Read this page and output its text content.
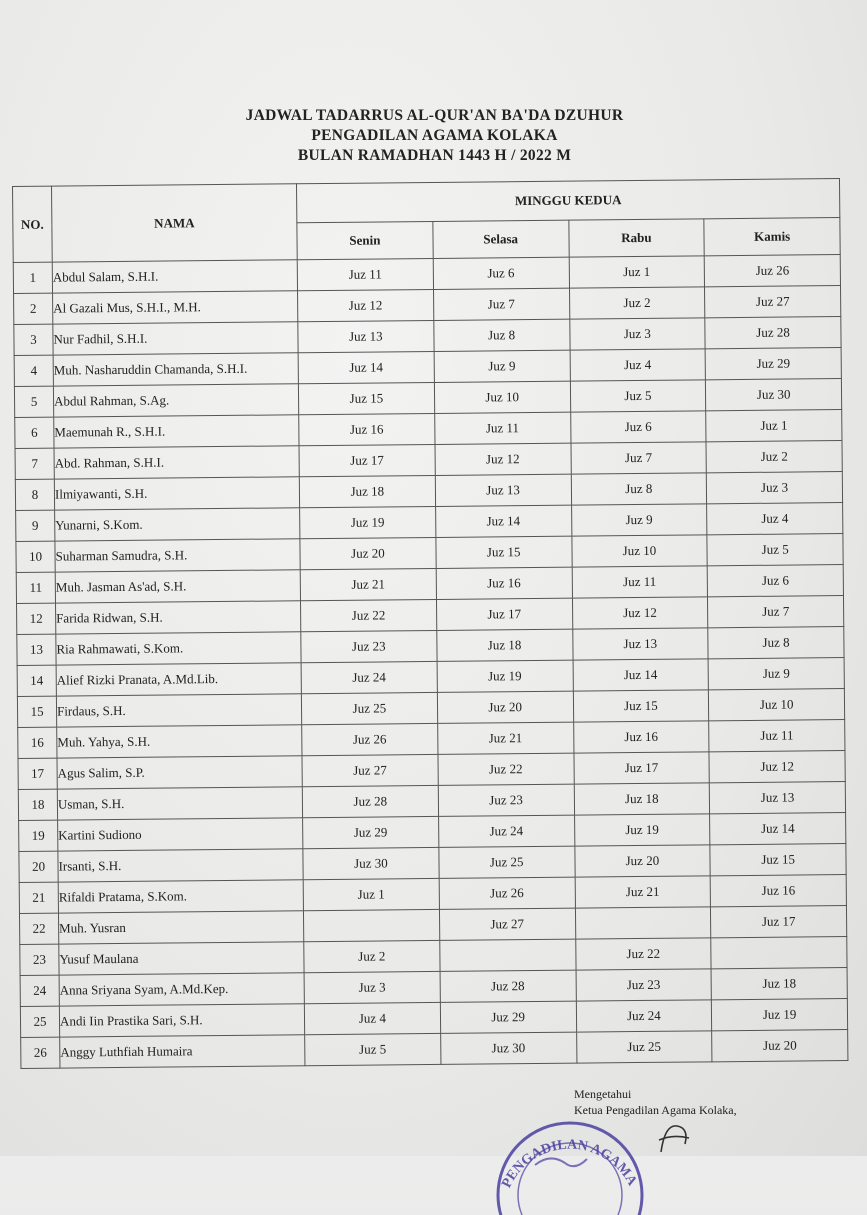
JADWAL TADARRUS AL-QUR'AN BA'DA DZUHUR
PENGADILAN AGAMA KOLAKA
BULAN RAMADHAN 1443 H / 2022 M
NO.	NAMA	MINGGU KEDUA			
		Senin	Selasa	Rabu	Kamis
1	Abdul Salam, S.H.I.	Juz 11	Juz 6	Juz 1	Juz 26
2	Al Gazali Mus, S.H.I., M.H.	Juz 12	Juz 7	Juz 2	Juz 27
3	Nur Fadhil, S.H.I.	Juz 13	Juz 8	Juz 3	Juz 28
4	Muh. Nasharuddin Chamanda, S.H.I.	Juz 14	Juz 9	Juz 4	Juz 29
5	Abdul Rahman, S.Ag.	Juz 15	Juz 10	Juz 5	Juz 30
6	Maemunah R., S.H.I.	Juz 16	Juz 11	Juz 6	Juz 1
7	Abd. Rahman, S.H.I.	Juz 17	Juz 12	Juz 7	Juz 2
8	Ilmiyawanti, S.H.	Juz 18	Juz 13	Juz 8	Juz 3
9	Yunarni, S.Kom.	Juz 19	Juz 14	Juz 9	Juz 4
10	Suharman Samudra, S.H.	Juz 20	Juz 15	Juz 10	Juz 5
11	Muh. Jasman As'ad, S.H.	Juz 21	Juz 16	Juz 11	Juz 6
12	Farida Ridwan, S.H.	Juz 22	Juz 17	Juz 12	Juz 7
13	Ria Rahmawati, S.Kom.	Juz 23	Juz 18	Juz 13	Juz 8
14	Alief Rizki Pranata, A.Md.Lib.	Juz 24	Juz 19	Juz 14	Juz 9
15	Firdaus, S.H.	Juz 25	Juz 20	Juz 15	Juz 10
16	Muh. Yahya, S.H.	Juz 26	Juz 21	Juz 16	Juz 11
17	Agus Salim, S.P.	Juz 27	Juz 22	Juz 17	Juz 12
18	Usman, S.H.	Juz 28	Juz 23	Juz 18	Juz 13
19	Kartini Sudiono	Juz 29	Juz 24	Juz 19	Juz 14
20	Irsanti, S.H.	Juz 30	Juz 25	Juz 20	Juz 15
21	Rifaldi Pratama, S.Kom.	Juz 1	Juz 26	Juz 21	Juz 16
22	Muh. Yusran		Juz 27		Juz 17
23	Yusuf Maulana	Juz 2		Juz 22	
24	Anna Sriyana Syam, A.Md.Kep.	Juz 3	Juz 28	Juz 23	Juz 18
25	Andi Iin Prastika Sari, S.H.	Juz 4	Juz 29	Juz 24	Juz 19
26	Anggy Luthfiah Humaira	Juz 5	Juz 30	Juz 25	Juz 20
Mengetahui
Ketua Pengadilan Agama Kolaka,
PENGADILAN AGAMA
